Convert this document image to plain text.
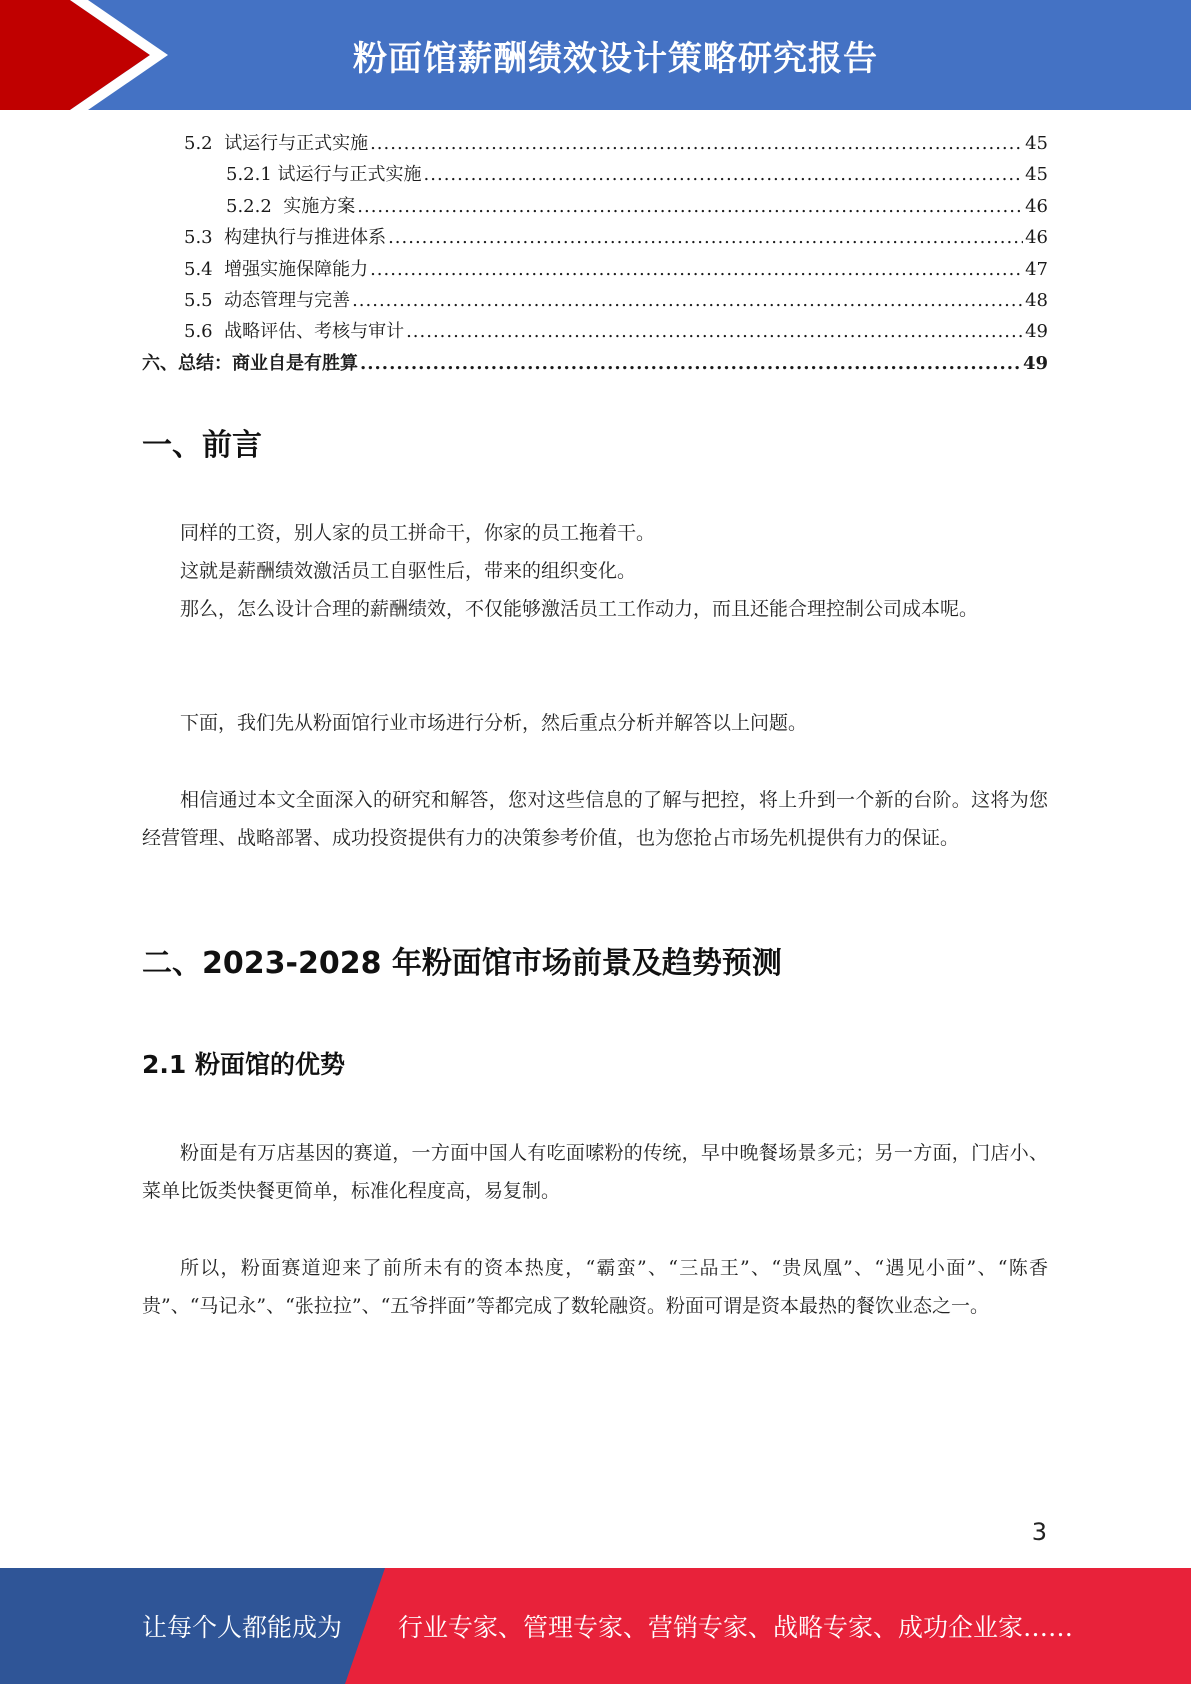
粉面馆薪酬绩效设计策略研究报告
5.2 试运行与正式实施 .....	45
5.2.1 试运行与正式实施 .....	45
5.2.2 实施方案 .....	46
5.3 构建执行与推进体系 .....	46
5.4 增强实施保障能力 .....	47
5.5 动态管理与完善 .....	48
5.6 战略评估、考核与审计 .....	49
六、总结：商业自是有胜算 .....	49
一、前言

同样的工资，别人家的员工拼命干，你家的员工拖着干。

这就是薪酬绩效激活员工自驱性后，带来的组织变化。

那么，怎么设计合理的薪酬绩效，不仅能够激活员工工作动力，而且还能合理控制公司成本呢。

下面，我们先从粉面馆行业市场进行分析，然后重点分析并解答以上问题。

相信通过本文全面深入的研究和解答，您对这些信息的了解与把控，将上升到一个新的台阶。这将为您经营管理、战略部署、成功投资提供有力的决策参考价值，也为您抢占市场先机提供有力的保证。

二、2023-2028 年粉面馆市场前景及趋势预测
2.1 粉面馆的优势

粉面是有万店基因的赛道，一方面中国人有吃面嗦粉的传统，早中晚餐场景多元；另一方面，门店小、菜单比饭类快餐更简单，标准化程度高，易复制。

所以，粉面赛道迎来了前所未有的资本热度，“霸蛮”、“三品王”、“贵凤凰”、“遇见小面”、“陈香贵”、“马记永”、“张拉拉”、“五爷拌面”等都完成了数轮融资。粉面可谓是资本最热的餐饮业态之一。

3
让每个人都能成为 行业专家、管理专家、营销专家、战略专家、成功企业家……
